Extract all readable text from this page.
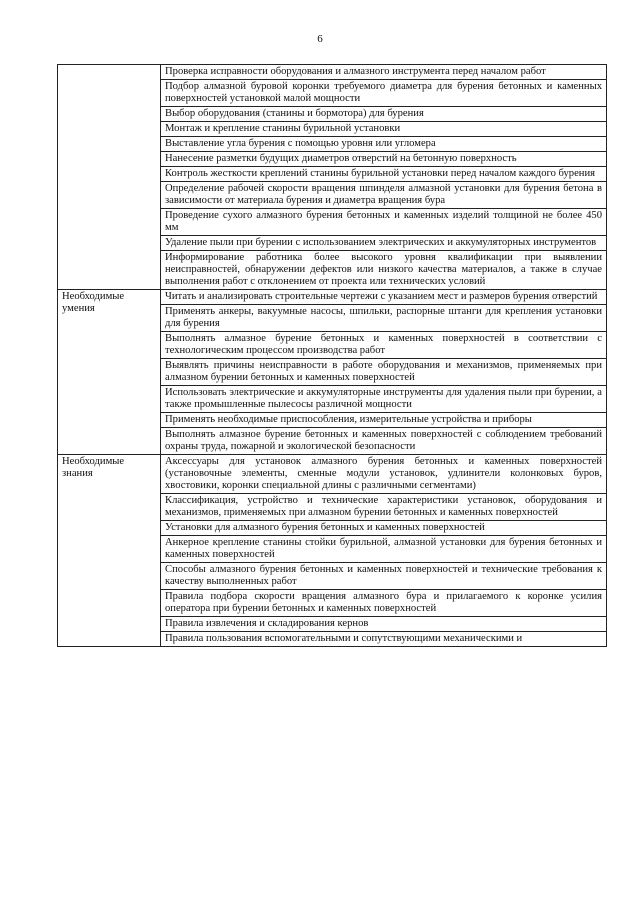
6
	Проверка исправности оборудования и алмазного инструмента перед началом работ
	Подбор алмазной буровой коронки требуемого диаметра для бурения бетонных и каменных поверхностей установкой малой мощности
	Выбор оборудования (станины и бормотора) для бурения
	Монтаж и крепление станины бурильной установки
	Выставление угла бурения с помощью уровня или угломера
	Нанесение разметки будущих диаметров отверстий на бетонную поверхность
	Контроль жесткости креплений станины бурильной установки перед началом каждого бурения
	Определение рабочей скорости вращения шпинделя алмазной установки для бурения бетона в зависимости от материала бурения и диаметра вращения бура
	Проведение сухого алмазного бурения бетонных и каменных изделий толщиной не более 450 мм
	Удаление пыли при бурении с использованием электрических и аккумуляторных инструментов
	Информирование работника более высокого уровня квалификации при выявлении неисправностей, обнаружении дефектов или низкого качества материалов, а также в случае выполнения работ с отклонением от проекта или технических условий
Необходимые умения	Читать и анализировать строительные чертежи с указанием мест и размеров бурения отверстий
	Применять анкеры, вакуумные насосы, шпильки, распорные штанги для крепления установки для бурения
	Выполнять алмазное бурение бетонных и каменных поверхностей в соответствии с технологическим процессом производства работ
	Выявлять причины неисправности в работе оборудования и механизмов, применяемых при алмазном бурении бетонных и каменных поверхностей
	Использовать электрические и аккумуляторные инструменты для удаления пыли при бурении, а также промышленные пылесосы различной мощности
	Применять необходимые приспособления, измерительные устройства и приборы
	Выполнять алмазное бурение бетонных и каменных поверхностей с соблюдением требований охраны труда, пожарной и экологической безопасности
Необходимые знания	Аксессуары для установок алмазного бурения бетонных и каменных поверхностей (установочные элементы, сменные модули установок, удлинители колонковых буров, хвостовики, коронки специальной длины с различными сегментами)
	Классификация, устройство и технические характеристики установок, оборудования и механизмов, применяемых при алмазном бурении бетонных и каменных поверхностей
	Установки для алмазного бурения бетонных и каменных поверхностей
	Анкерное крепление станины стойки бурильной, алмазной установки для бурения бетонных и каменных поверхностей
	Способы алмазного бурения бетонных и каменных поверхностей и технические требования к качеству выполненных работ
	Правила подбора скорости вращения алмазного бура и прилагаемого к коронке усилия оператора при бурении бетонных и каменных поверхностей
	Правила извлечения и складирования кернов
	Правила пользования вспомогательными и сопутствующими механическими и
